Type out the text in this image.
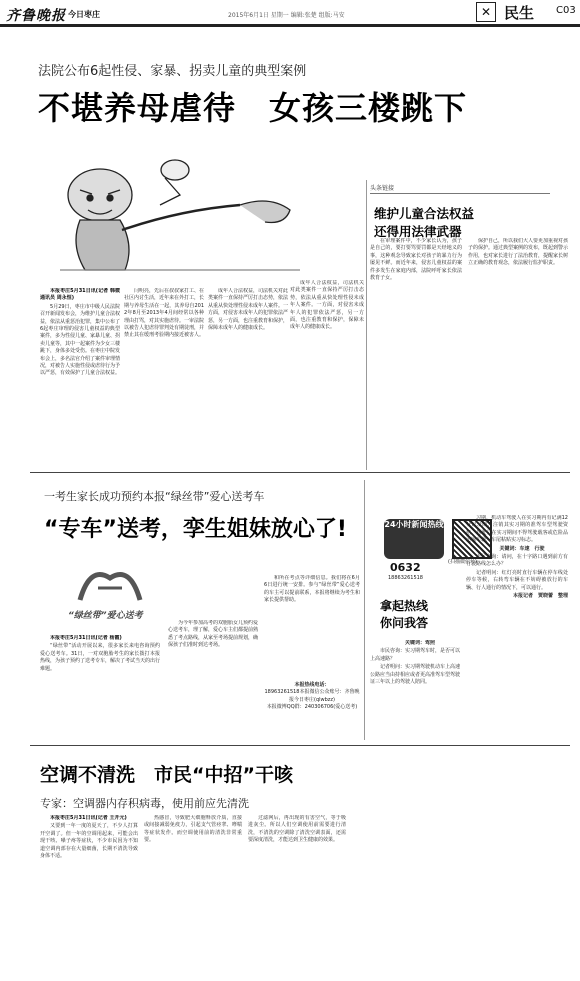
齐鲁晚报 今日枣庄	2015年6月1日 星期一 编辑:张楚 组版:马安	✕ 民生 C03
法院公布6起性侵、家暴、拐卖儿童的典型案例
不堪养母虐待　女孩三楼跳下
头条链接
维护儿童合法权益
还得用法律武器

本报枣庄5月31日讯(记者 韩微 通讯员 周永恒)

5月29日，枣庄市中级人民法院召开新闻发布会，为维护儿童合法权益，依法从重惩治犯罪，集中公布了6起枣庄审理的侵害儿童权益的典型案件，多为性侵儿童、家暴儿童、拐卖儿童等，其中一起案件为少女三楼跳下，身体多处受伤。在枣庄中院发布会上，多名法官介绍了案件审理情况，对被告人实施性侵或虐待行为予以严惩，有效保护了儿童合法权益。

闫明亮，先后在叔叔家打工、在社区内讨生活，近年来在外打工，长期与养母生活在一起，其养母自2012年8月至2013年4月间经常以各种理由打骂，对其实施虐待。一审法院以被告人犯虐待罪判处有期徒刑，并禁止其在缓刑考验期内接近被害人。

成年人合法权益，司法机关对此类案件一直保持严厉打击态势，依法从重从快处理性侵未成年人案件。一方面，对侵害未成年人的犯罪依法严惩，另一方面，也注重教育和保护，保障未成年人的健康成长。

成年人合法权益，司法机关对此类案件一直保持严厉打击态势，依法从重从快处理性侵未成年人案件。一方面，对侵害未成年人的犯罪依法严惩，另一方面，也注重教育和保护，保障未成年人的健康成长。

在审理案件中，不少家长认为，孩子是自己的，要打要骂要罚都是天经地义的事，这种观念导致家长对孩子的暴力行为屡见不鲜。而近年来，侵害儿童权益的案件多发生在家庭内部，法院呼吁家长依法教育子女。

保护自己，所以我们大人要更加重视对孩子的保护。通过典型案例的发布，既起到警示作用，也对家长进行了法治教育，提醒家长树立正确的教育观念，依法履行监护职责。

一考生家长成功预约本报“绿丝带”爱心送考车
“专车”送考，孪生姐妹放心了!
“绿丝带”爱心送考

本报枣庄5月31日讯(记者 杨霞)

“绿丝带”活动开展以来，很多家长来电咨询预约爱心送考车。31日，一对双胞胎考生的家长拨打本报热线，为孩子预约了送考专车，解决了考试当天的出行难题。

为今年参加高考的双胞胎女儿预约爱心送考车，理了解，爱心车主们都提前熟悉了考点路线，从家至考场提前规划，确保孩子们准时到达考场。

和所在考点等详细信息。我们将在6月6日进行统一安排。参与“绿丝带”爱心送考的车主可以提前联系，本报将继续为考生和家长提供帮助。

本报热线电话：
18963261518本报微信公众账号：齐鲁晚报今日枣庄(qlwbzz)
本报微博QQ群：240306706(爱心送考)
24小时新闻热线
0632
18863261518
(扫描微信号)
拿起热线
你问我答

关键词：驾照

市民咨询：实习期驾车时，是否可以上高速路？

记者明问：实习期驾驶机动车上高速公路应当由持相应或者更高准驾车型驾驶证三年以上的驾驶人陪同。

习期，机动车驾驶人在实习期内有记满12分记录的，注销其实习期的准驾车型驾驶资格。驾驶员在实习期间不得驾驶载客或危险品运输车辆，车尾粘贴实习标志。

关键词：车速　行驶

市民咨询：请问，在十字路口遇到前方有行驶路线怎么办？

记者明问：红灯亮时直行车辆在停车线处停车等候，右转弯车辆在不妨碍被放行的车辆、行人通行的情况下，可以通行。

本报记者　贾晓蕾　整理

空调不清洗　市民“中招”干咳
专家：空调器内存积病毒，使用前应先清洗

本报枣庄5月31日讯(记者 王开元)

又要到一年一度的夏天了，不少人打算开空调了。但一年的空调用起来，可能会出现干咳、嗓子疼等症状，不少市民因为不知道空调内部存在大量细菌，长期不清洗导致身体不适。

热感冒，导致肥大细胞释放介质，直接或间接减弱免疫力，引起支气管痉挛、哮喘等症状发作。而空调使用前的清洗非常重要。

过滤网后，再出现的有害空气，等于吸进灰尘。所以人们空调使用前需要进行清洗，不清洗的空调除了清洗空调表面，还需要深度清洗，才能达到卫生健康的效果。
